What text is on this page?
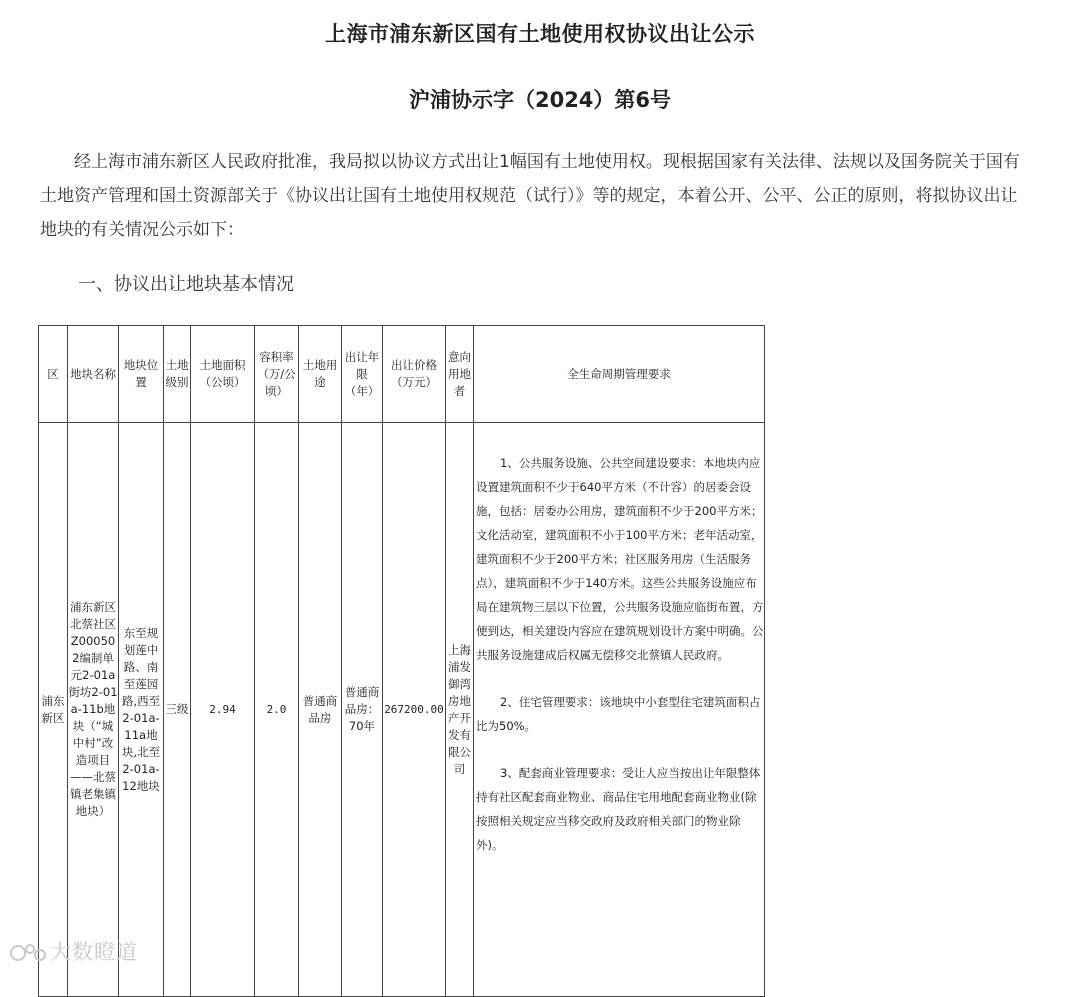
上海市浦东新区国有土地使用权协议出让公示
沪浦协示字（2024）第6号
经上海市浦东新区人民政府批准，我局拟以协议方式出让1幅国有土地使用权。现根据国家有关法律、法规以及国务院关于国有土地资产管理和国土资源部关于《协议出让国有土地使用权规范（试行）》等的规定，本着公开、公平、公正的原则，将拟协议出让地块的有关情况公示如下：
一、协议出让地块基本情况
区	地块名称	地块位置	土地级别	土地面积（公顷）	容积率（万/公顷）	土地用途	出让年限（年）	出让价格（万元）	意向用地者	全生命周期管理要求
浦东新区	浦东新区北蔡社区Z000502编制单元2-01a街坊2-01a-11b地块（“城中村”改造项目——北蔡镇老集镇地块）	东至规划莲中路、南至莲园路,西至2-01a-11a地块,北至2-01a-12地块	三级	2.94	2.0	普通商品房	普通商品房：70年	267200.00	上海浦发御湾房地产开发有限公司	1、公共服务设施、公共空间建设要求：本地块内应设置建筑面积不少于640平方米（不计容）的居委会设施，包括：居委办公用房，建筑面积不少于200平方米；文化活动室，建筑面积不小于100平方米；老年活动室，建筑面积不少于200平方米；社区服务用房（生活服务点），建筑面积不少于140方米。这些公共服务设施应布局在建筑物三层以下位置，公共服务设施应临街布置，方便到达，相关建设内容应在建筑规划设计方案中明确。公共服务设施建成后权属无偿移交北蔡镇人民政府。

2、住宅管理要求：该地块中小套型住宅建筑面积占比为50%。

3、配套商业管理要求：受让人应当按出让年限整体持有社区配套商业物业、商品住宅用地配套商业物业(除按照相关规定应当移交政府及政府相关部门的物业除外)。

大数瞪道
